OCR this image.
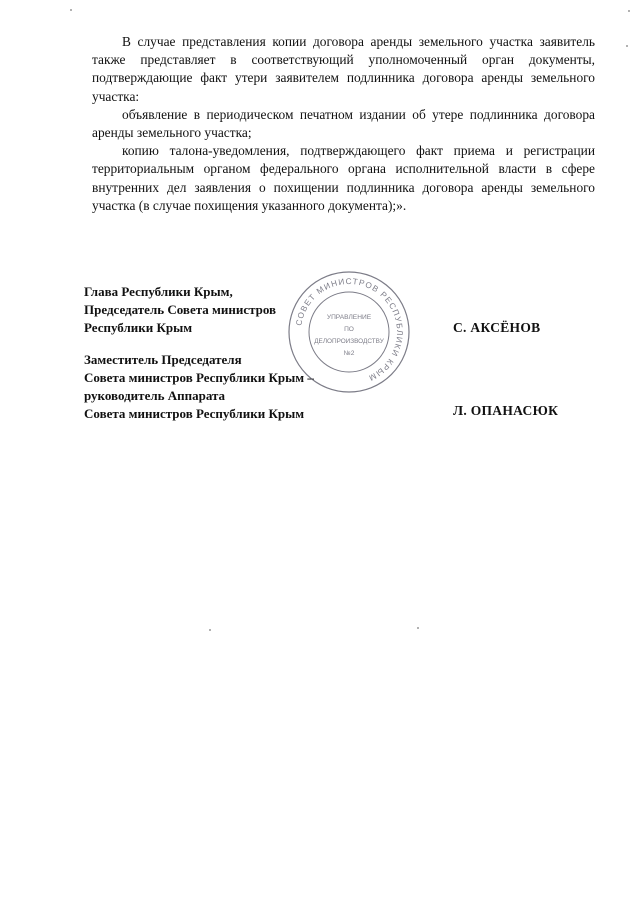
В случае представления копии договора аренды земельного участка заявитель также представляет в соответствующий уполномоченный орган документы, подтверждающие факт утери заявителем подлинника договора аренды земельного участка:

объявление в периодическом печатном издании об утере подлинника договора аренды земельного участка;

копию талона-уведомления, подтверждающего факт приема и регистрации территориальным органом федерального органа исполнительной власти в сфере внутренних дел заявления о похищении подлинника договора аренды земельного участка (в случае похищения указанного документа);».

Глава Республики Крым,
Председатель Совета министров
Республики Крым	С. АКСЁНОВ
Заместитель Председателя
Совета министров Республики Крым –
руководитель Аппарата
Совета министров Республики Крым	Л. ОПАНАСЮК
СОВЕТ МИНИСТРОВ РЕСПУБЛИКИ КРЫМ
УПРАВЛЕНИЕ
ПО
ДЕЛОПРОИЗВОДСТВУ
№2
